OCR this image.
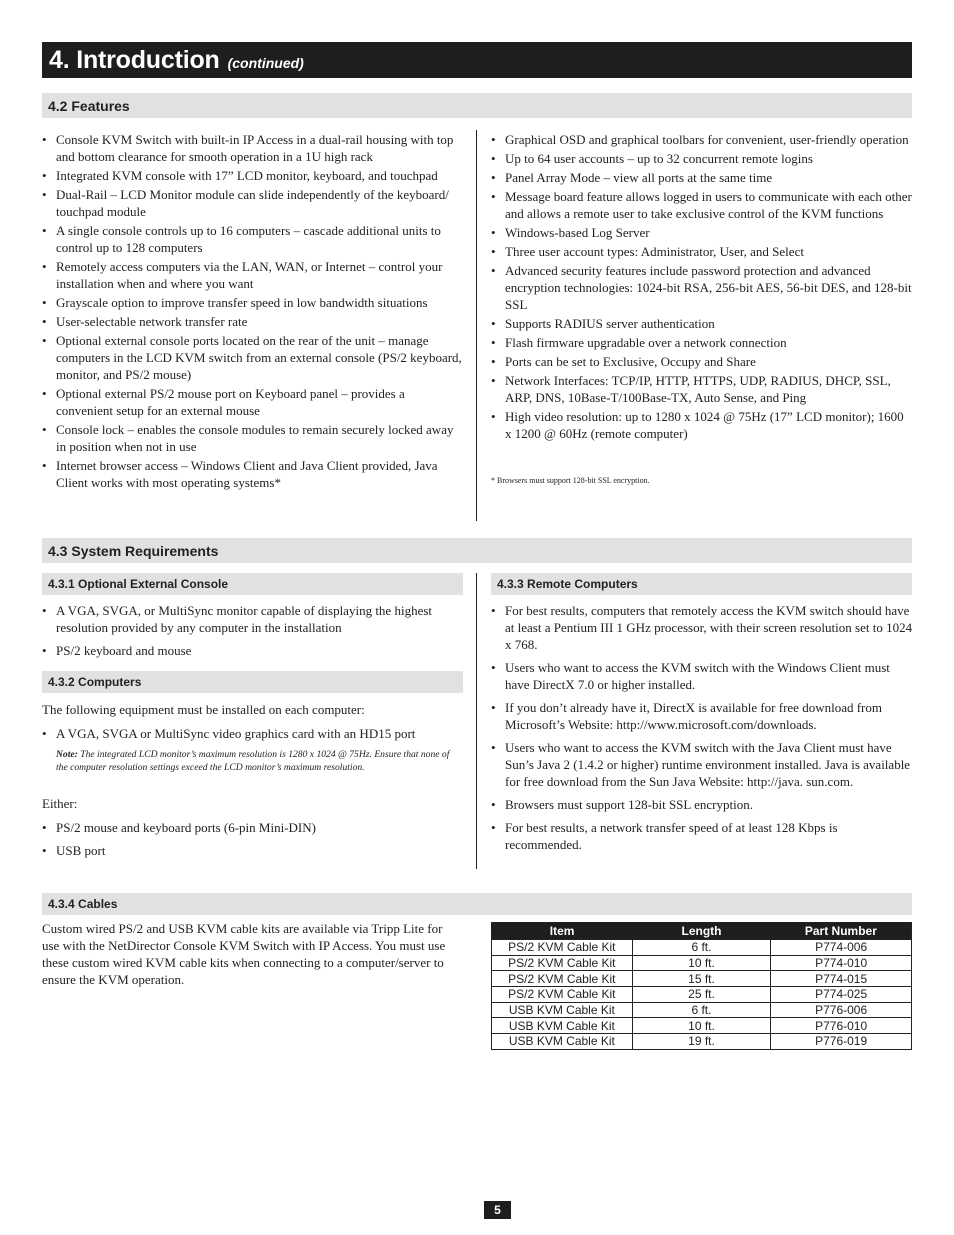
4. Introduction (continued)
4.2 Features
• Console KVM Switch with built-in IP Access in a dual-rail housing with top and bottom clearance for smooth operation in a 1U high rack
• Integrated KVM console with 17” LCD monitor, keyboard, and touchpad
• Dual-Rail – LCD Monitor module can slide independently of the keyboard/ touchpad module
• A single console controls up to 16 computers – cascade additional units to control up to 128 computers
• Remotely access computers via the LAN, WAN, or Internet – control your installation when and where you want
• Grayscale option to improve transfer speed in low bandwidth situations
• User-selectable network transfer rate
• Optional external console ports located on the rear of the unit – manage computers in the LCD KVM switch from an external console (PS/2 keyboard, monitor, and PS/2 mouse)
• Optional external PS/2 mouse port on Keyboard panel – provides a convenient setup for an external mouse
• Console lock – enables the console modules to remain securely locked away in position when not in use
• Internet browser access – Windows Client and Java Client provided, Java Client works with most operating systems*
• Graphical OSD and graphical toolbars for convenient, user-friendly operation
• Up to 64 user accounts – up to 32 concurrent remote logins
• Panel Array Mode – view all ports at the same time
• Message board feature allows logged in users to communicate with each other and allows a remote user to take exclusive control of the KVM functions
• Windows-based Log Server
• Three user account types: Administrator, User, and Select
• Advanced security features include password protection and advanced encryption technologies: 1024-bit RSA, 256-bit AES, 56-bit DES, and 128-bit SSL
• Supports RADIUS server authentication
• Flash firmware upgradable over a network connection
• Ports can be set to Exclusive, Occupy and Share
• Network Interfaces: TCP/IP, HTTP, HTTPS, UDP, RADIUS, DHCP, SSL, ARP, DNS, 10Base-T/100Base-TX, Auto Sense, and Ping
• High video resolution: up to 1280 x 1024 @ 75Hz (17” LCD monitor); 1600 x 1200 @ 60Hz (remote computer)
* Browsers must support 128-bit SSL encryption.
4.3 System Requirements
4.3.1 Optional External Console
• A VGA, SVGA, or MultiSync monitor capable of displaying the highest resolution provided by any computer in the installation
• PS/2 keyboard and mouse
4.3.2 Computers
The following equipment must be installed on each computer:
• A VGA, SVGA or MultiSync video graphics card with an HD15 port
Note: The integrated LCD monitor’s maximum resolution is 1280 x 1024 @ 75Hz. Ensure that none of the computer resolution settings exceed the LCD monitor’s maximum resolution.
Either:
• PS/2 mouse and keyboard ports (6-pin Mini-DIN)
• USB port
4.3.3 Remote Computers
• For best results, computers that remotely access the KVM switch should have at least a Pentium III 1 GHz processor, with their screen resolution set to 1024 x 768.
• Users who want to access the KVM switch with the Windows Client must have DirectX 7.0 or higher installed.
• If you don’t already have it, DirectX is available for free download from Microsoft’s Website: http://www.microsoft.com/downloads.
• Users who want to access the KVM switch with the Java Client must have Sun’s Java 2 (1.4.2 or higher) runtime environment installed. Java is available for free download from the Sun Java Website: http://java. sun.com.
• Browsers must support 128-bit SSL encryption.
• For best results, a network transfer speed of at least 128 Kbps is recommended.
4.3.4 Cables
Custom wired PS/2 and USB KVM cable kits are available via Tripp Lite for use with the NetDirector Console KVM Switch with IP Access. You must use these custom wired KVM cable kits when connecting to a computer/server to ensure the KVM operation.
Item	Length	Part Number
PS/2 KVM Cable Kit	6 ft.	P774-006
PS/2 KVM Cable Kit	10 ft.	P774-010
PS/2 KVM Cable Kit	15 ft.	P774-015
PS/2 KVM Cable Kit	25 ft.	P774-025
USB KVM Cable Kit	6 ft.	P776-006
USB KVM Cable Kit	10 ft.	P776-010
USB KVM Cable Kit	19 ft.	P776-019
5
